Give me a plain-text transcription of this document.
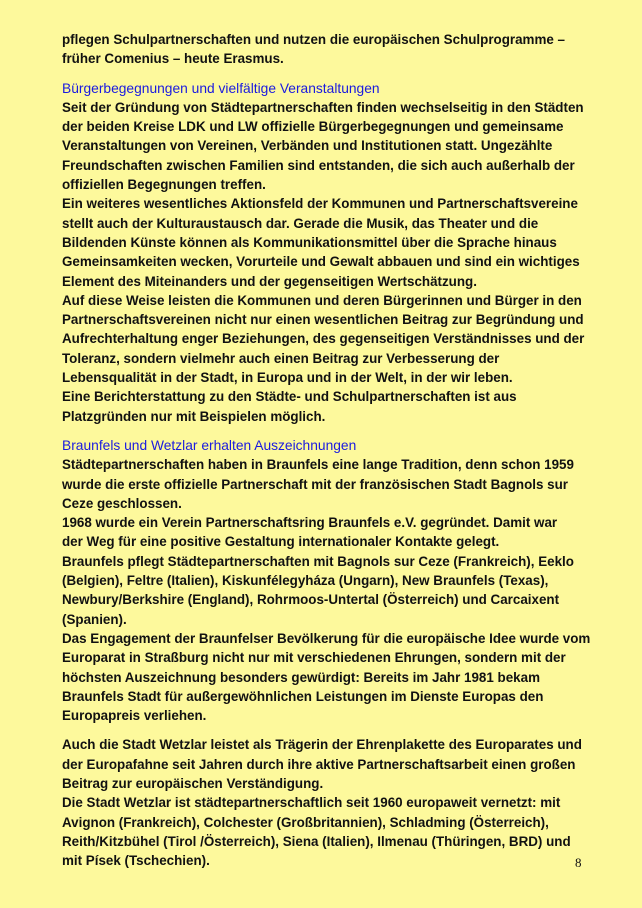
pflegen Schulpartnerschaften und nutzen die europäischen Schulprogramme –
früher Comenius – heute Erasmus.

Bürgerbegegnungen und vielfältige Veranstaltungen

Seit der Gründung von Städtepartnerschaften finden wechselseitig in den Städten
der beiden Kreise LDK und LW offizielle Bürgerbegegnungen und gemeinsame
Veranstaltungen von Vereinen, Verbänden und Institutionen statt. Ungezählte
Freundschaften zwischen Familien sind entstanden, die sich auch außerhalb der
offiziellen Begegnungen treffen.
Ein weiteres wesentliches Aktionsfeld der Kommunen und Partnerschaftsvereine
stellt auch der Kulturaustausch dar. Gerade die Musik, das Theater und die
Bildenden Künste können als Kommunikationsmittel über die Sprache hinaus
Gemeinsamkeiten wecken, Vorurteile und Gewalt abbauen und sind ein wichtiges
Element des Miteinanders und der gegenseitigen Wertschätzung.
Auf diese Weise leisten die Kommunen und deren Bürgerinnen und Bürger in den
Partnerschaftsvereinen nicht nur einen wesentlichen Beitrag zur Begründung und
Aufrechterhaltung enger Beziehungen, des gegenseitigen Verständnisses und der
Toleranz, sondern vielmehr auch einen Beitrag zur Verbesserung der
Lebensqualität in der Stadt, in Europa und in der Welt, in der wir leben.
Eine Berichterstattung zu den Städte- und Schulpartnerschaften ist aus
Platzgründen nur mit Beispielen möglich.

Braunfels und Wetzlar erhalten Auszeichnungen

Städtepartnerschaften haben in Braunfels eine lange Tradition, denn schon 1959
wurde die erste offizielle Partnerschaft mit der französischen Stadt Bagnols sur
Ceze geschlossen.
1968 wurde ein Verein Partnerschaftsring Braunfels e.V. gegründet. Damit war
der Weg für eine positive Gestaltung internationaler Kontakte gelegt.
Braunfels pflegt Städtepartnerschaften mit Bagnols sur Ceze (Frankreich), Eeklo
(Belgien), Feltre (Italien), Kiskunfélegyháza (Ungarn), New Braunfels (Texas),
Newbury/Berkshire (England), Rohrmoos-Untertal (Österreich) und Carcaixent
(Spanien).
Das Engagement der Braunfelser Bevölkerung für die europäische Idee wurde vom
Europarat in Straßburg nicht nur mit verschiedenen Ehrungen, sondern mit der
höchsten Auszeichnung besonders gewürdigt: Bereits im Jahr 1981 bekam
Braunfels Stadt für außergewöhnlichen Leistungen im Dienste Europas den
Europapreis verliehen.

Auch die Stadt Wetzlar leistet als Trägerin der Ehrenplakette des Europarates und
der Europafahne seit Jahren durch ihre aktive Partnerschaftsarbeit einen großen
Beitrag zur europäischen Verständigung.
Die Stadt Wetzlar ist städtepartnerschaftlich seit 1960 europaweit vernetzt: mit
Avignon (Frankreich), Colchester (Großbritannien), Schladming (Österreich),
Reith/Kitzbühel (Tirol /Österreich), Siena (Italien), Ilmenau (Thüringen, BRD) und
mit Písek (Tschechien).	8
